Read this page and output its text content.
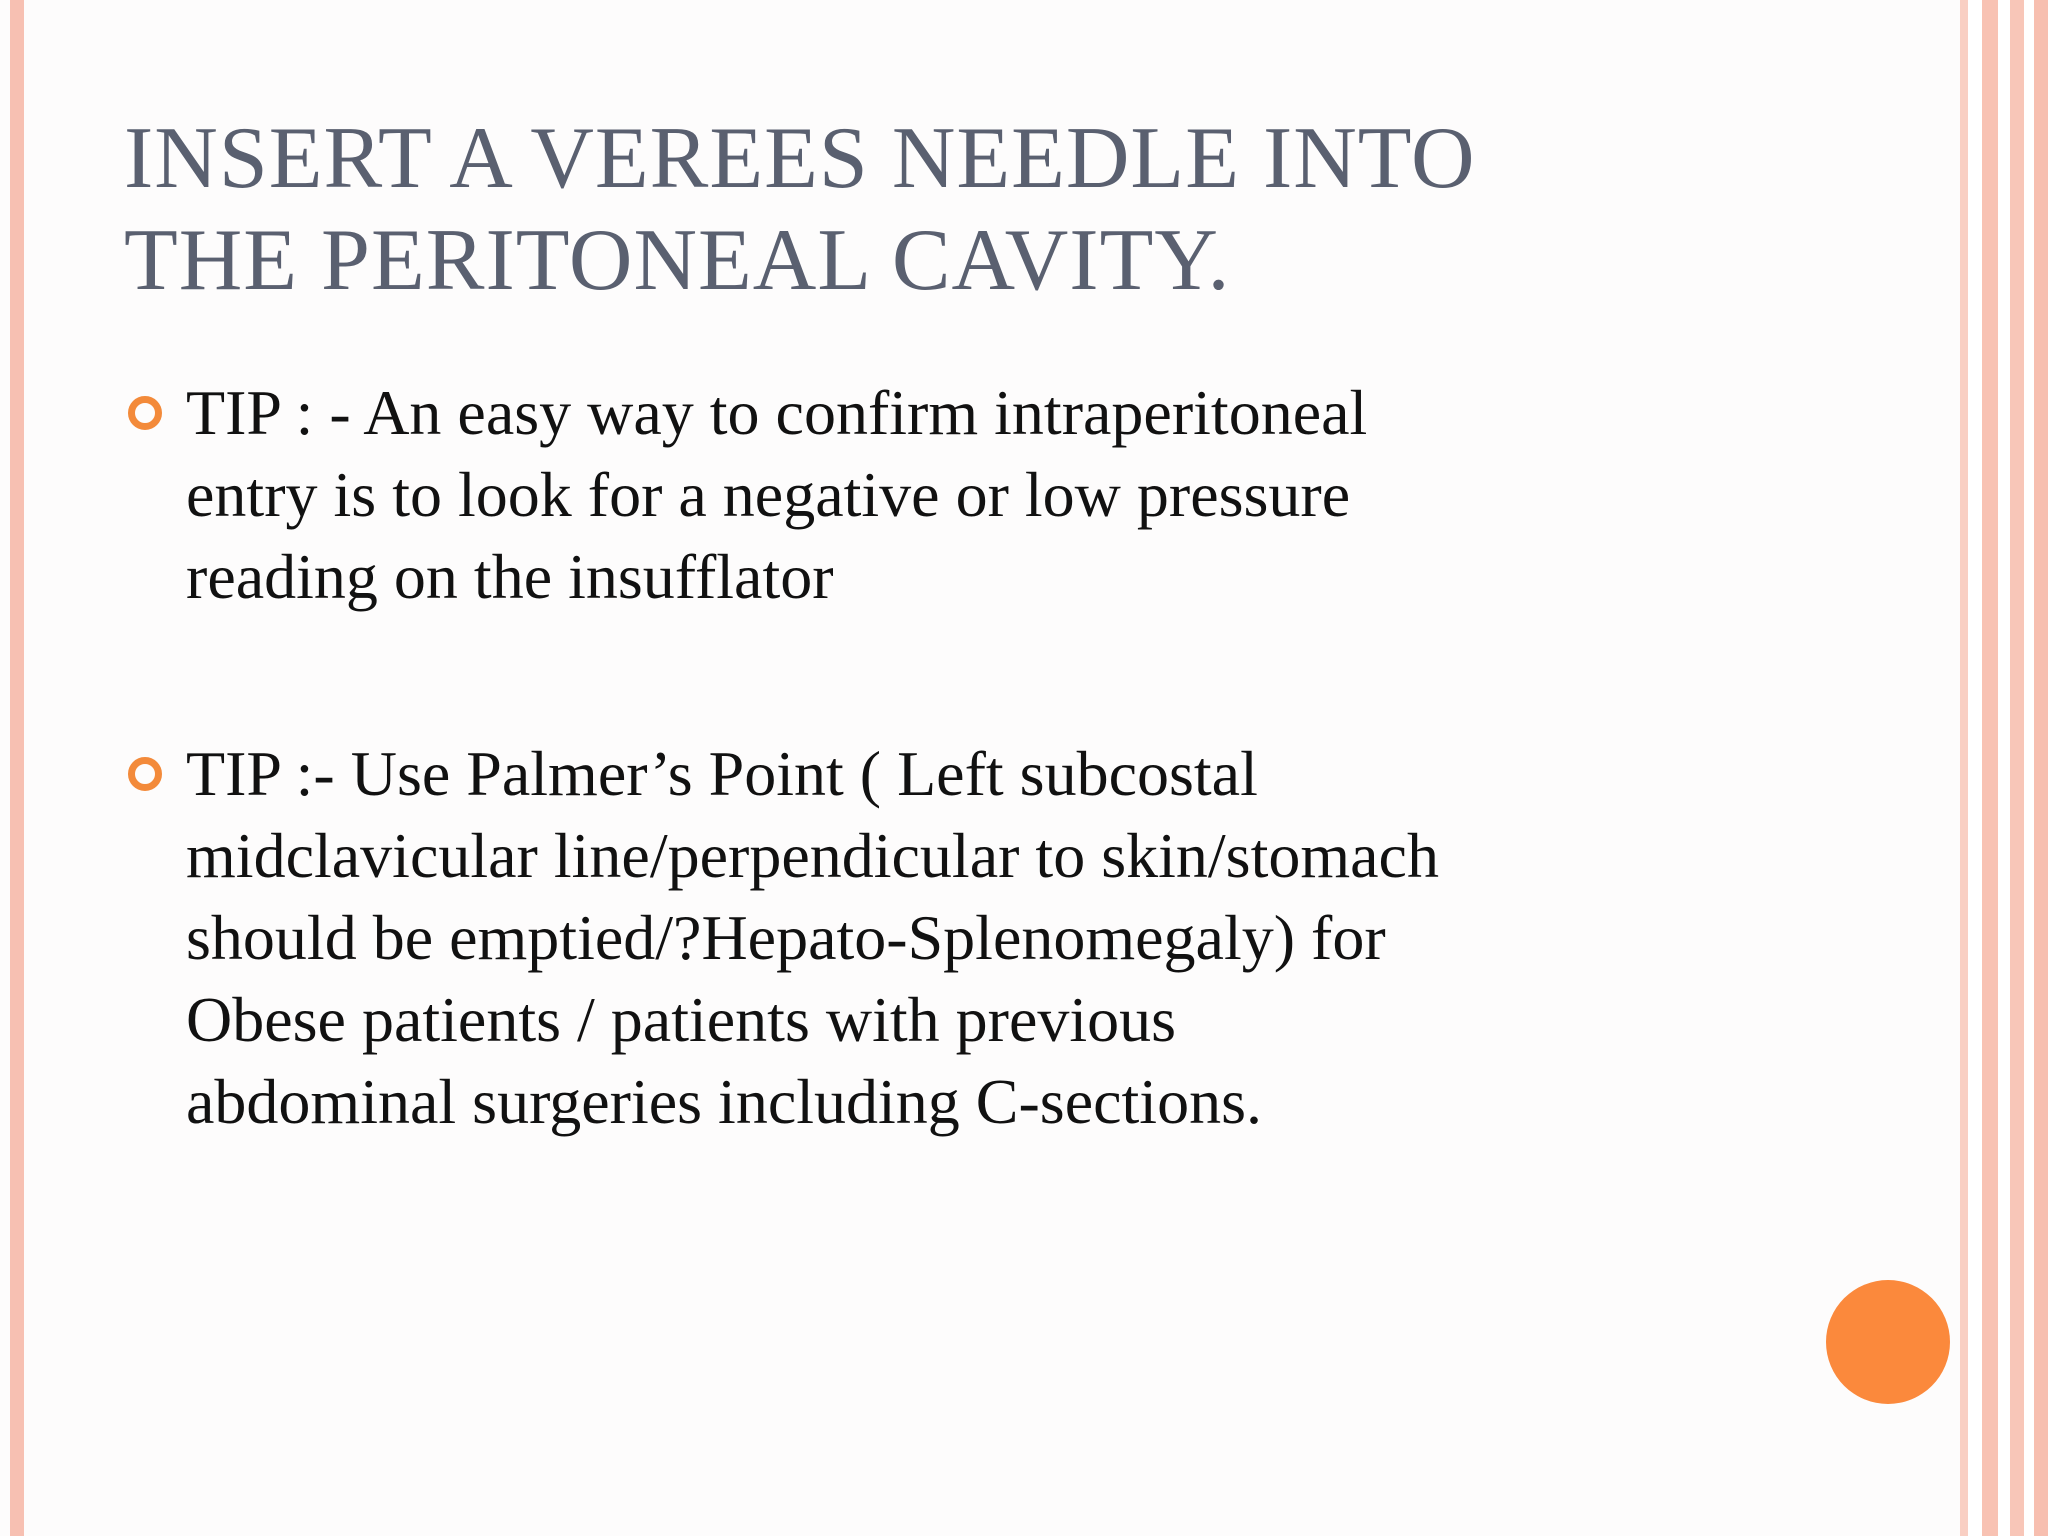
INSERT A VEREES NEEDLE INTO
THE PERITONEAL CAVITY.
TIP : - An easy way to confirm intraperitoneal
entry is to look for a negative or low pressure
reading on the insufflator
TIP :- Use Palmer’s Point ( Left subcostal
midclavicular line/perpendicular to skin/stomach
should be emptied/?Hepato-Splenomegaly) for
Obese patients / patients with previous
abdominal surgeries including C-sections.
